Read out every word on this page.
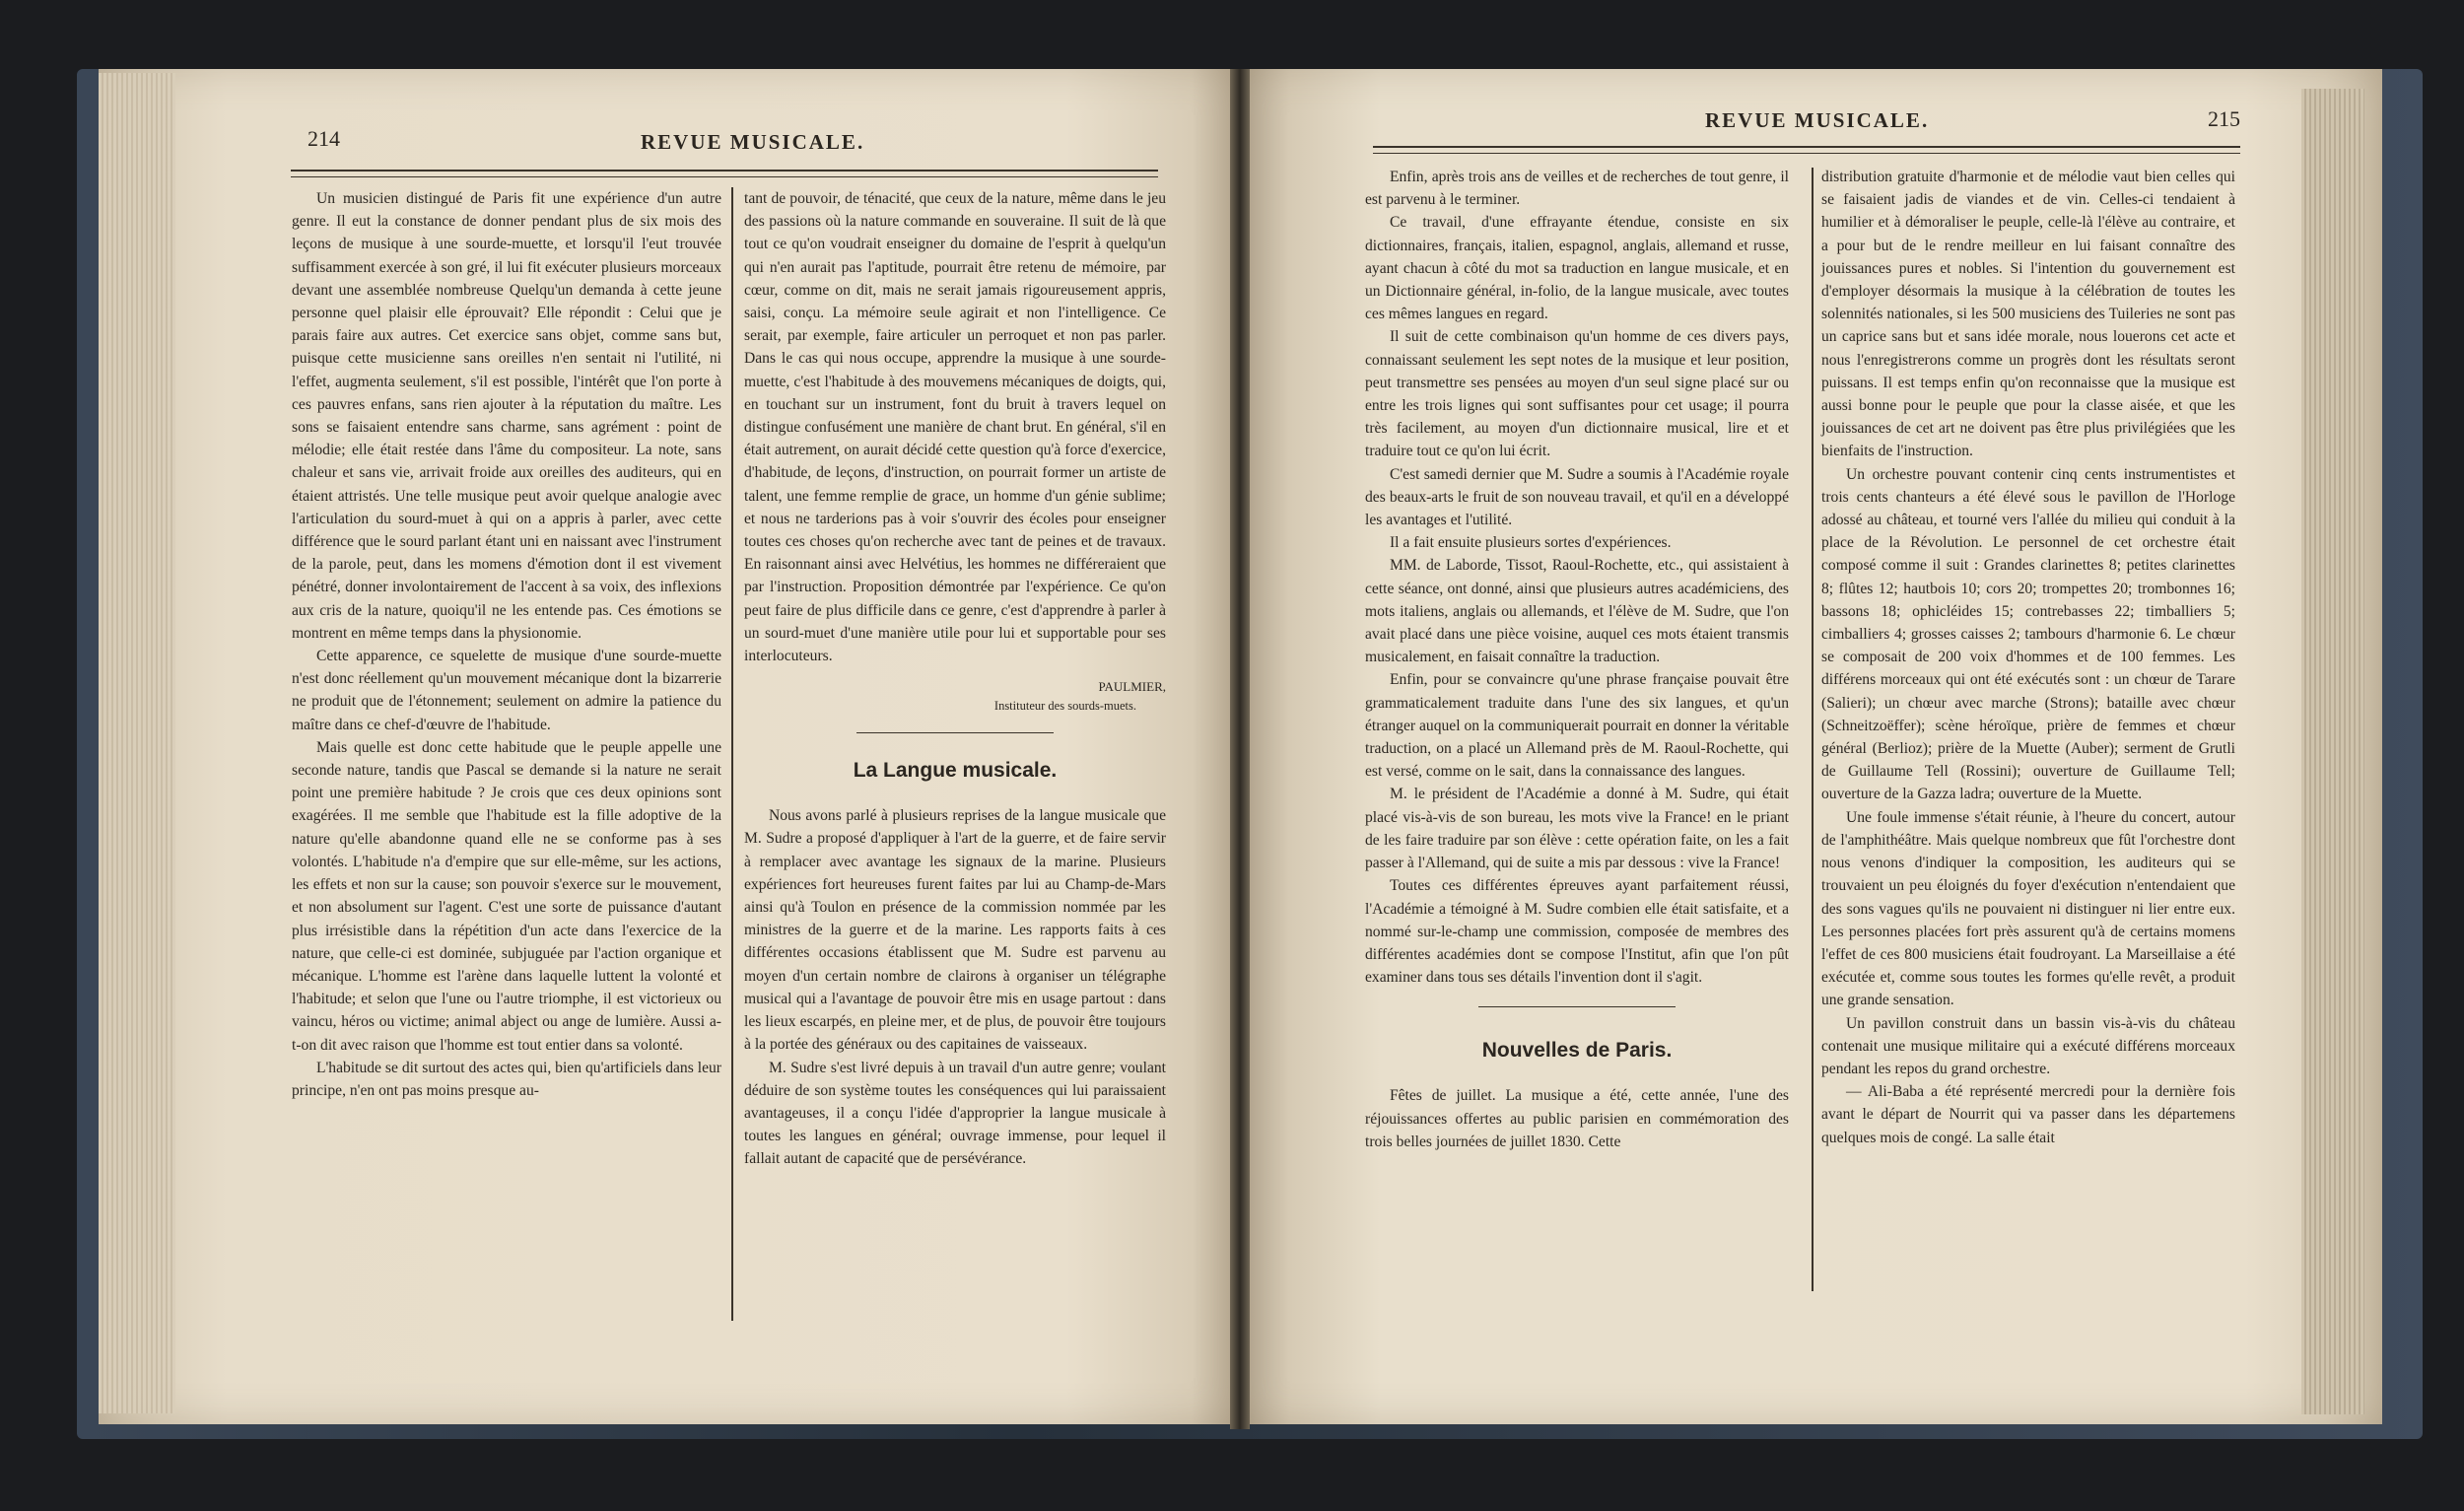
214	REVUE MUSICALE.

Un musicien distingué de Paris fit une expérience d'un autre genre. Il eut la constance de donner pendant plus de six mois des leçons de musique à une sourde-muette, et lorsqu'il l'eut trouvée suffisamment exercée à son gré, il lui fit exécuter plusieurs morceaux devant une assemblée nombreuse Quelqu'un demanda à cette jeune personne quel plaisir elle éprouvait? Elle répondit : Celui que je parais faire aux autres. Cet exercice sans objet, comme sans but, puisque cette musicienne sans oreilles n'en sentait ni l'utilité, ni l'effet, augmenta seulement, s'il est possible, l'intérêt que l'on porte à ces pauvres enfans, sans rien ajouter à la réputation du maître. Les sons se faisaient entendre sans charme, sans agrément : point de mélodie; elle était restée dans l'âme du compositeur. La note, sans chaleur et sans vie, arrivait froide aux oreilles des auditeurs, qui en étaient attristés. Une telle musique peut avoir quelque analogie avec l'articulation du sourd-muet à qui on a appris à parler, avec cette différence que le sourd parlant étant uni en naissant avec l'instrument de la parole, peut, dans les momens d'émotion dont il est vivement pénétré, donner involontairement de l'accent à sa voix, des inflexions aux cris de la nature, quoiqu'il ne les entende pas. Ces émotions se montrent en même temps dans la physionomie.

Cette apparence, ce squelette de musique d'une sourde-muette n'est donc réellement qu'un mouvement mécanique dont la bizarrerie ne produit que de l'étonnement; seulement on admire la patience du maître dans ce chef-d'œuvre de l'habitude.

Mais quelle est donc cette habitude que le peuple appelle une seconde nature, tandis que Pascal se demande si la nature ne serait point une première habitude ? Je crois que ces deux opinions sont exagérées. Il me semble que l'habitude est la fille adoptive de la nature qu'elle abandonne quand elle ne se conforme pas à ses volontés. L'habitude n'a d'empire que sur elle-même, sur les actions, les effets et non sur la cause; son pouvoir s'exerce sur le mouvement, et non absolument sur l'agent. C'est une sorte de puissance d'autant plus irrésistible dans la répétition d'un acte dans l'exercice de la nature, que celle-ci est dominée, subjuguée par l'action organique et mécanique. L'homme est l'arène dans laquelle luttent la volonté et l'habitude; et selon que l'une ou l'autre triomphe, il est victorieux ou vaincu, héros ou victime; animal abject ou ange de lumière. Aussi a-t-on dit avec raison que l'homme est tout entier dans sa volonté.

L'habitude se dit surtout des actes qui, bien qu'artificiels dans leur principe, n'en ont pas moins presque au-

tant de pouvoir, de ténacité, que ceux de la nature, même dans le jeu des passions où la nature commande en souveraine. Il suit de là que tout ce qu'on voudrait enseigner du domaine de l'esprit à quelqu'un qui n'en aurait pas l'aptitude, pourrait être retenu de mémoire, par cœur, comme on dit, mais ne serait jamais rigoureusement appris, saisi, conçu. La mémoire seule agirait et non l'intelligence. Ce serait, par exemple, faire articuler un perroquet et non pas parler. Dans le cas qui nous occupe, apprendre la musique à une sourde-muette, c'est l'habitude à des mouvemens mécaniques de doigts, qui, en touchant sur un instrument, font du bruit à travers lequel on distingue confusément une manière de chant brut. En général, s'il en était autrement, on aurait décidé cette question qu'à force d'exercice, d'habitude, de leçons, d'instruction, on pourrait former un artiste de talent, une femme remplie de grace, un homme d'un génie sublime; et nous ne tarderions pas à voir s'ouvrir des écoles pour enseigner toutes ces choses qu'on recherche avec tant de peines et de travaux. En raisonnant ainsi avec Helvétius, les hommes ne différeraient que par l'instruction. Proposition démontrée par l'expérience. Ce qu'on peut faire de plus difficile dans ce genre, c'est d'apprendre à parler à un sourd-muet d'une manière utile pour lui et supportable pour ses interlocuteurs.

PAULMIER,
Instituteur des sourds-muets.
La Langue musicale.

Nous avons parlé à plusieurs reprises de la langue musicale que M. Sudre a proposé d'appliquer à l'art de la guerre, et de faire servir à remplacer avec avantage les signaux de la marine. Plusieurs expériences fort heureuses furent faites par lui au Champ-de-Mars ainsi qu'à Toulon en présence de la commission nommée par les ministres de la guerre et de la marine. Les rapports faits à ces différentes occasions établissent que M. Sudre est parvenu au moyen d'un certain nombre de clairons à organiser un télégraphe musical qui a l'avantage de pouvoir être mis en usage partout : dans les lieux escarpés, en pleine mer, et de plus, de pouvoir être toujours à la portée des généraux ou des capitaines de vaisseaux.

M. Sudre s'est livré depuis à un travail d'un autre genre; voulant déduire de son système toutes les conséquences qui lui paraissaient avantageuses, il a conçu l'idée d'approprier la langue musicale à toutes les langues en général; ouvrage immense, pour lequel il fallait autant de capacité que de persévérance.

REVUE MUSICALE.	215

Enfin, après trois ans de veilles et de recherches de tout genre, il est parvenu à le terminer.

Ce travail, d'une effrayante étendue, consiste en six dictionnaires, français, italien, espagnol, anglais, allemand et russe, ayant chacun à côté du mot sa traduction en langue musicale, et en un Dictionnaire général, in-folio, de la langue musicale, avec toutes ces mêmes langues en regard.

Il suit de cette combinaison qu'un homme de ces divers pays, connaissant seulement les sept notes de la musique et leur position, peut transmettre ses pensées au moyen d'un seul signe placé sur ou entre les trois lignes qui sont suffisantes pour cet usage; il pourra très facilement, au moyen d'un dictionnaire musical, lire et et traduire tout ce qu'on lui écrit.

C'est samedi dernier que M. Sudre a soumis à l'Académie royale des beaux-arts le fruit de son nouveau travail, et qu'il en a développé les avantages et l'utilité.

Il a fait ensuite plusieurs sortes d'expériences.

MM. de Laborde, Tissot, Raoul-Rochette, etc., qui assistaient à cette séance, ont donné, ainsi que plusieurs autres académiciens, des mots italiens, anglais ou allemands, et l'élève de M. Sudre, que l'on avait placé dans une pièce voisine, auquel ces mots étaient transmis musicalement, en faisait connaître la traduction.

Enfin, pour se convaincre qu'une phrase française pouvait être grammaticalement traduite dans l'une des six langues, et qu'un étranger auquel on la communiquerait pourrait en donner la véritable traduction, on a placé un Allemand près de M. Raoul-Rochette, qui est versé, comme on le sait, dans la connaissance des langues.

M. le président de l'Académie a donné à M. Sudre, qui était placé vis-à-vis de son bureau, les mots vive la France! en le priant de les faire traduire par son élève : cette opération faite, on les a fait passer à l'Allemand, qui de suite a mis par dessous : vive la France!

Toutes ces différentes épreuves ayant parfaitement réussi, l'Académie a témoigné à M. Sudre combien elle était satisfaite, et a nommé sur-le-champ une commission, composée de membres des différentes académies dont se compose l'Institut, afin que l'on pût examiner dans tous ses détails l'invention dont il s'agit.

Nouvelles de Paris.

Fêtes de juillet. La musique a été, cette année, l'une des réjouissances offertes au public parisien en commémoration des trois belles journées de juillet 1830. Cette

distribution gratuite d'harmonie et de mélodie vaut bien celles qui se faisaient jadis de viandes et de vin. Celles-ci tendaient à humilier et à démoraliser le peuple, celle-là l'élève au contraire, et a pour but de le rendre meilleur en lui faisant connaître des jouissances pures et nobles. Si l'intention du gouvernement est d'employer désormais la musique à la célébration de toutes les solennités nationales, si les 500 musiciens des Tuileries ne sont pas un caprice sans but et sans idée morale, nous louerons cet acte et nous l'enregistrerons comme un progrès dont les résultats seront puissans. Il est temps enfin qu'on reconnaisse que la musique est aussi bonne pour le peuple que pour la classe aisée, et que les jouissances de cet art ne doivent pas être plus privilégiées que les bienfaits de l'instruction.

Un orchestre pouvant contenir cinq cents instrumentistes et trois cents chanteurs a été élevé sous le pavillon de l'Horloge adossé au château, et tourné vers l'allée du milieu qui conduit à la place de la Révolution. Le personnel de cet orchestre était composé comme il suit : Grandes clarinettes 8; petites clarinettes 8; flûtes 12; hautbois 10; cors 20; trompettes 20; trombonnes 16; bassons 18; ophicléides 15; contrebasses 22; timballiers 5; cimballiers 4; grosses caisses 2; tambours d'harmonie 6. Le chœur se composait de 200 voix d'hommes et de 100 femmes. Les différens morceaux qui ont été exécutés sont : un chœur de Tarare (Salieri); un chœur avec marche (Strons); bataille avec chœur (Schneitzoëffer); scène héroïque, prière de femmes et chœur général (Berlioz); prière de la Muette (Auber); serment de Grutli de Guillaume Tell (Rossini); ouverture de Guillaume Tell; ouverture de la Gazza ladra; ouverture de la Muette.

Une foule immense s'était réunie, à l'heure du concert, autour de l'amphithéâtre. Mais quelque nombreux que fût l'orchestre dont nous venons d'indiquer la composition, les auditeurs qui se trouvaient un peu éloignés du foyer d'exécution n'entendaient que des sons vagues qu'ils ne pouvaient ni distinguer ni lier entre eux. Les personnes placées fort près assurent qu'à de certains momens l'effet de ces 800 musiciens était foudroyant. La Marseillaise a été exécutée et, comme sous toutes les formes qu'elle revêt, a produit une grande sensation.

Un pavillon construit dans un bassin vis-à-vis du château contenait une musique militaire qui a exécuté différens morceaux pendant les repos du grand orchestre.

— Ali-Baba a été représenté mercredi pour la dernière fois avant le départ de Nourrit qui va passer dans les départemens quelques mois de congé. La salle était
